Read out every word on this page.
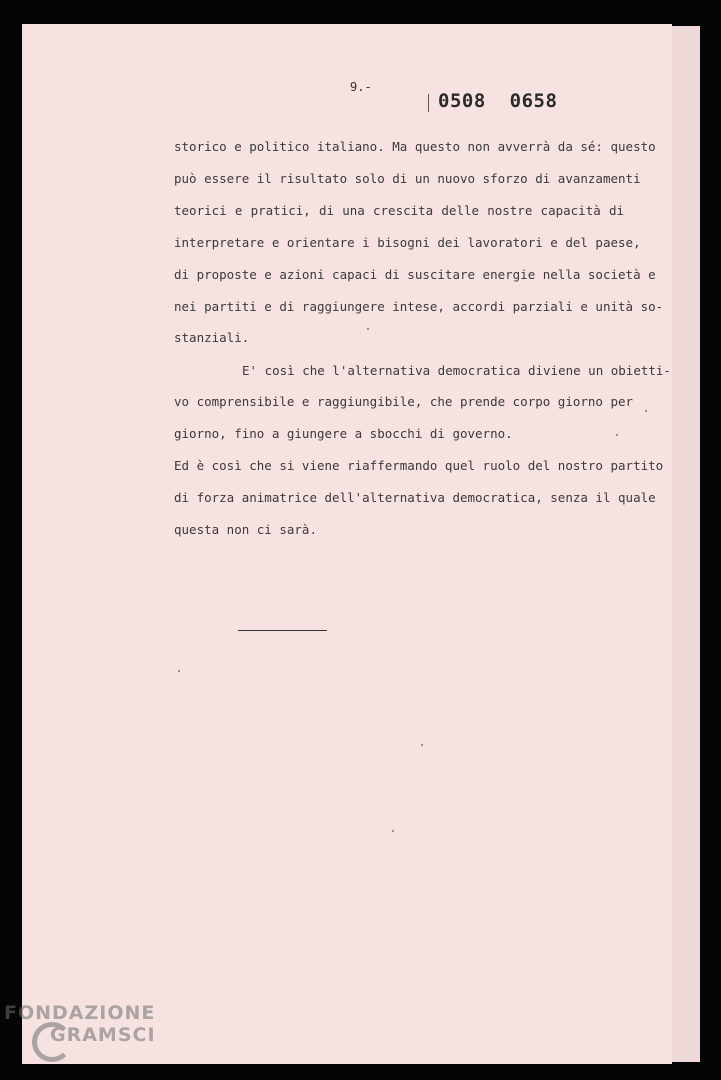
9.-
0508  0658
storico e politico italiano. Ma questo non avverrà da sé: questo
può essere il risultato solo di un nuovo sforzo di avanzamenti
teorici e pratici, di una crescita delle nostre capacità di
interpretare e orientare i bisogni dei lavoratori e del paese,
di proposte e azioni capaci di suscitare energie nella società e
nei partiti e di raggiungere intese, accordi parziali e unità so-
stanziali.
E' così che l'alternativa democratica diviene un obietti-
vo comprensibile e raggiungibile, che prende corpo giorno per
giorno, fino a giungere a sbocchi di governo.
Ed è così che si viene riaffermando quel ruolo del nostro partito
di forza animatrice dell'alternativa democratica, senza il quale
questa non ci sarà.
FONDAZIONE
GRAMSCI
